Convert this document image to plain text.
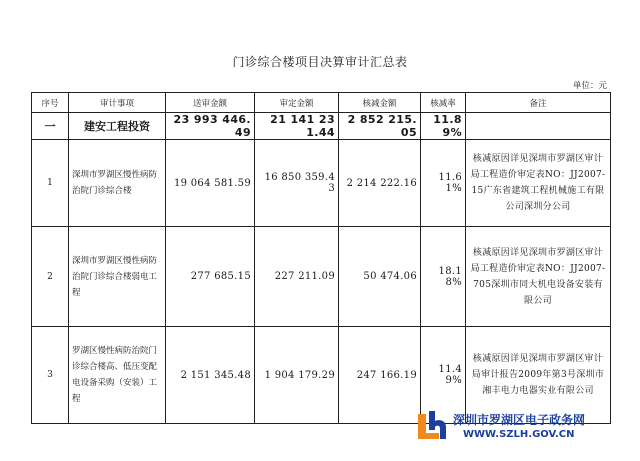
门诊综合楼项目决算审计汇总表
单位：元
序号	审计事项	送审金额	审定金额	核减金额	核减率	备注
一	建安工程投资	23 993 446.49	21 141 231.44	2 852 215.05	11.89%	
1	深圳市罗湖区慢性病防治院门诊综合楼	19 064 581.59	16 850 359.43	2 214 222.16	11.61%	核减原因详见深圳市罗湖区审计局工程造价审定表NO：JJ2007-15广东省建筑工程机械施工有限公司深圳分公司
2	深圳市罗湖区慢性病防治院门诊综合楼弱电工程	277 685.15	227 211.09	50 474.06	18.18%	核减原因详见深圳市罗湖区审计局工程造价审定表NO：JJ2007-705深圳市同大机电设备安装有限公司
3	罗湖区慢性病防治院门诊综合楼高、低压变配电设备采购（安装）工程	2 151 345.48	1 904 179.29	247 166.19	11.49%	核减原因详见深圳市罗湖区审计局审计报告2009年第3号深圳市湘丰电力电器实业有限公司
深圳市罗湖区电子政务网
WWW.SZLH.GOV.CN
